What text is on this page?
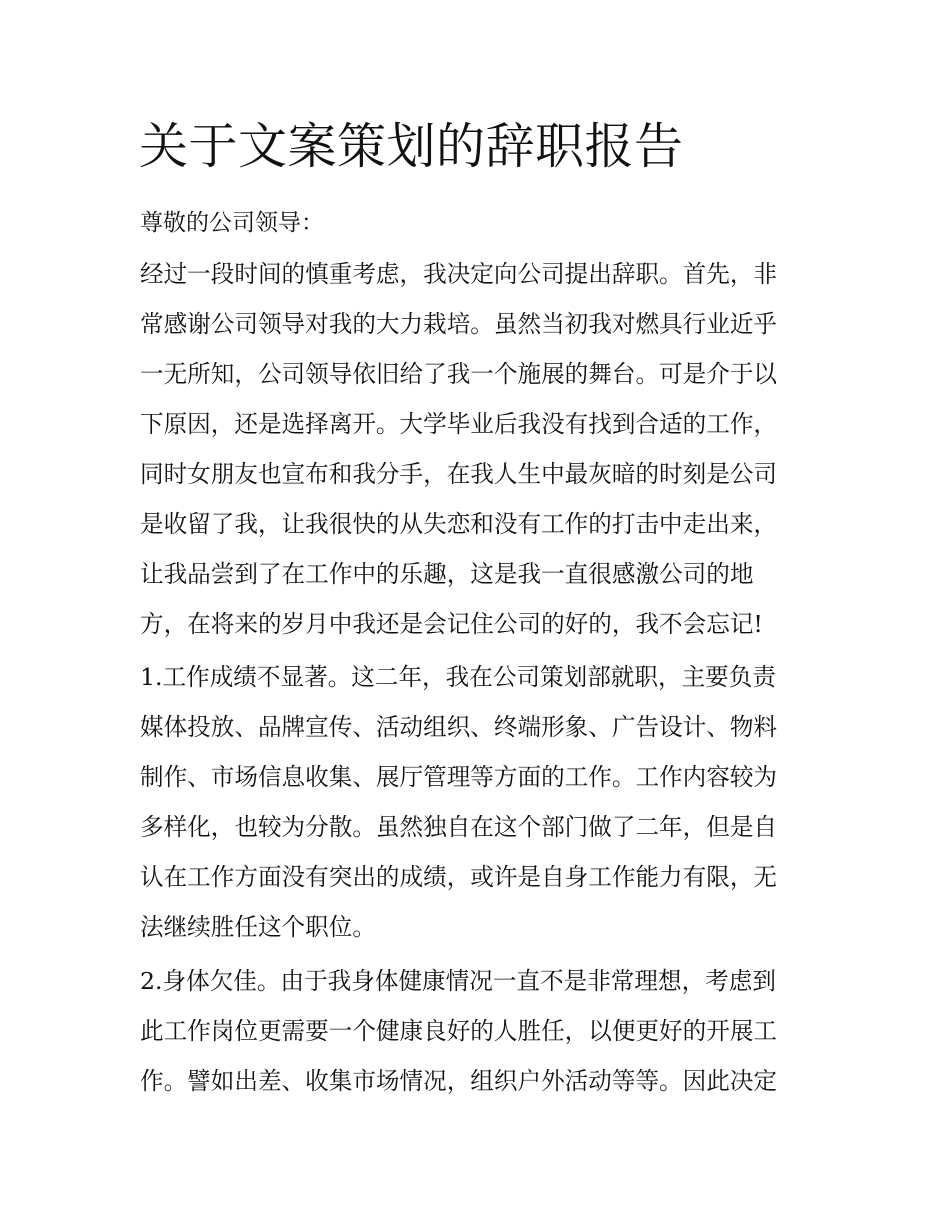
关于文案策划的辞职报告

尊敬的公司领导：

经过一段时间的慎重考虑，我决定向公司提出辞职。首先，非

常感谢公司领导对我的大力栽培。虽然当初我对燃具行业近乎

一无所知，公司领导依旧给了我一个施展的舞台。可是介于以

下原因，还是选择离开。大学毕业后我没有找到合适的工作，

同时女朋友也宣布和我分手，在我人生中最灰暗的时刻是公司

是收留了我，让我很快的从失恋和没有工作的打击中走出来，

让我品尝到了在工作中的乐趣，这是我一直很感激公司的地

方，在将来的岁月中我还是会记住公司的好的，我不会忘记!

1.工作成绩不显著。这二年，我在公司策划部就职，主要负责

媒体投放、品牌宣传、活动组织、终端形象、广告设计、物料

制作、市场信息收集、展厅管理等方面的工作。工作内容较为

多样化，也较为分散。虽然独自在这个部门做了二年，但是自

认在工作方面没有突出的成绩，或许是自身工作能力有限，无

法继续胜任这个职位。

2.身体欠佳。由于我身体健康情况一直不是非常理想，考虑到

此工作岗位更需要一个健康良好的人胜任，以便更好的开展工

作。譬如出差、收集市场情况，组织户外活动等等。因此决定
